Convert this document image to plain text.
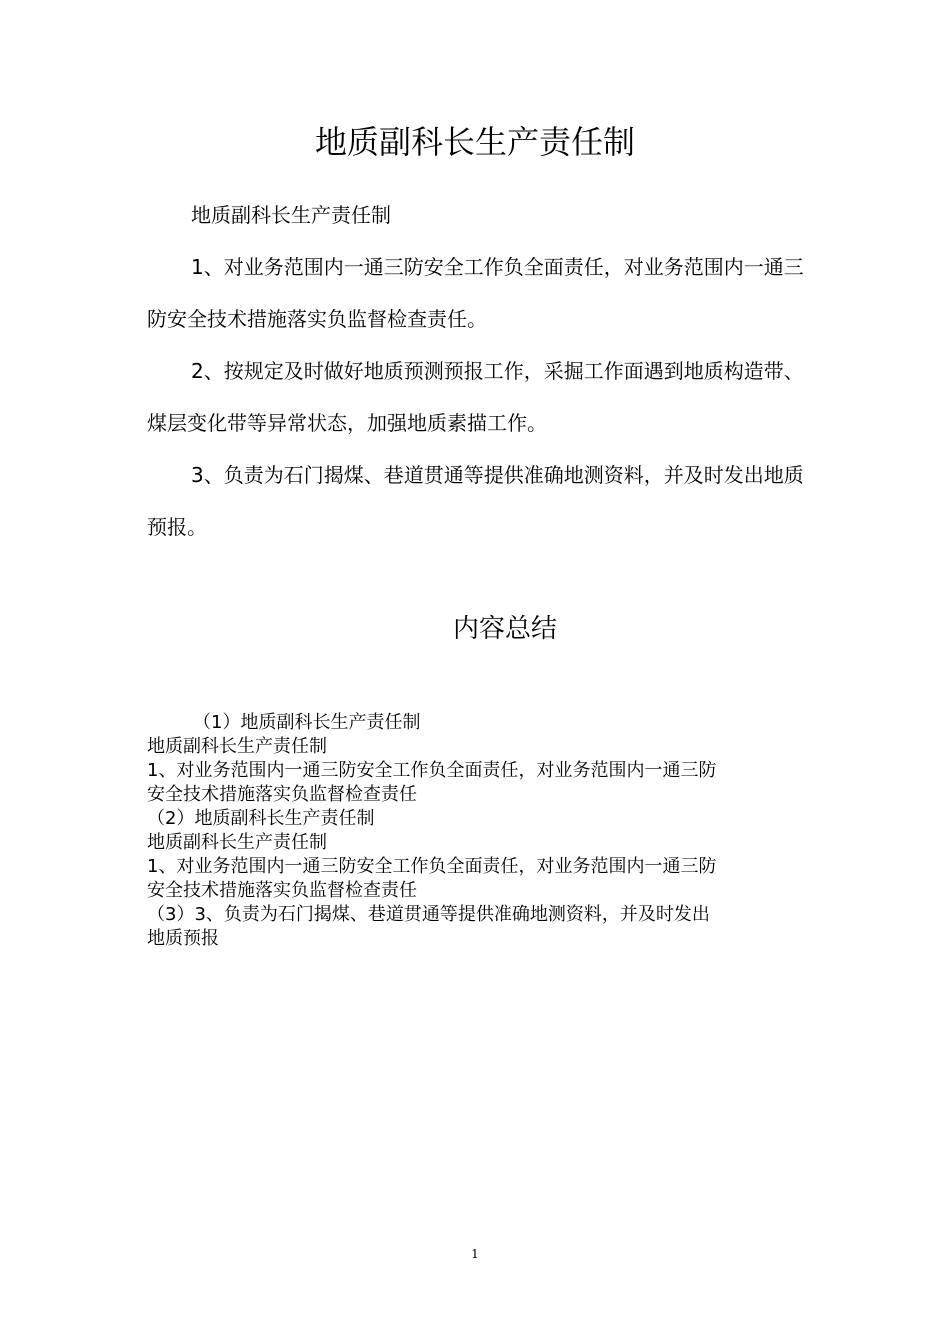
地质副科长生产责任制
地质副科长生产责任制
1、对业务范围内一通三防安全工作负全面责任，对业务范围内一通三防安全技术措施落实负监督检查责任。
2、按规定及时做好地质预测预报工作，采掘工作面遇到地质构造带、煤层变化带等异常状态，加强地质素描工作。
3、负责为石门揭煤、巷道贯通等提供准确地测资料，并及时发出地质预报。
内容总结
（1）地质副科长生产责任制
地质副科长生产责任制
1、对业务范围内一通三防安全工作负全面责任，对业务范围内一通三防
安全技术措施落实负监督检查责任
（2）地质副科长生产责任制
地质副科长生产责任制
1、对业务范围内一通三防安全工作负全面责任，对业务范围内一通三防
安全技术措施落实负监督检查责任
（3）3、负责为石门揭煤、巷道贯通等提供准确地测资料，并及时发出
地质预报
1
